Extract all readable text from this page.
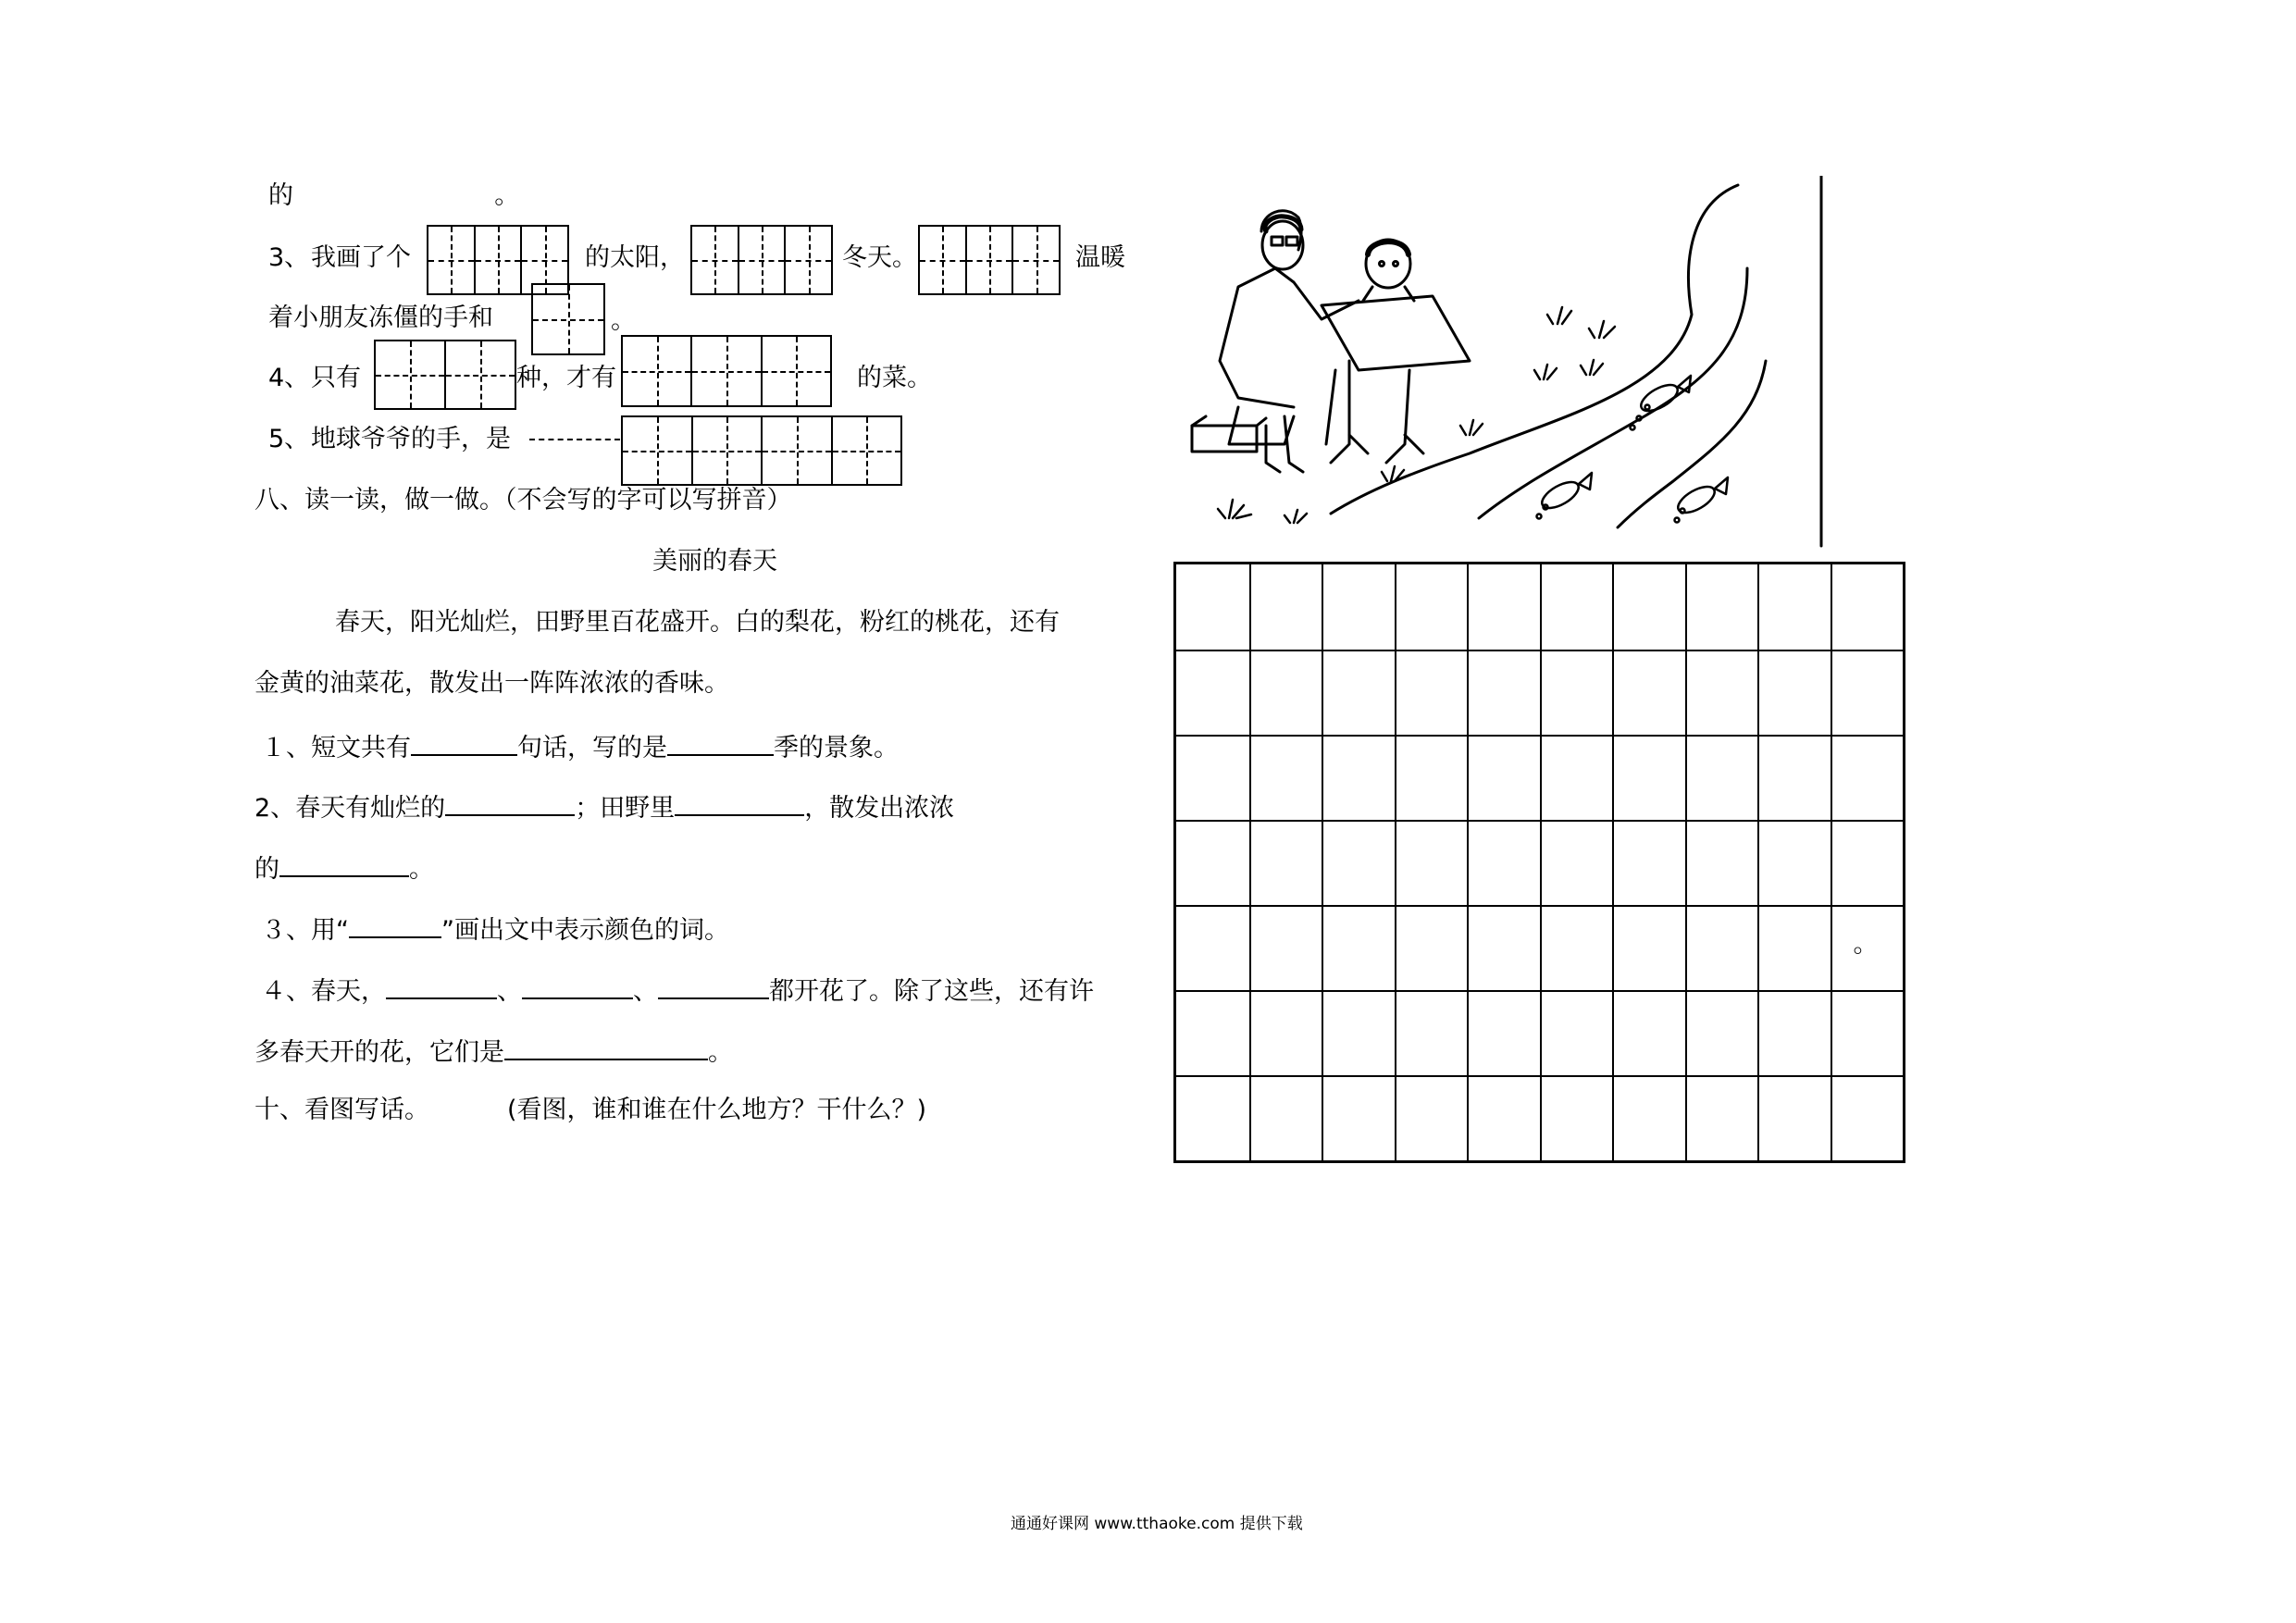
的	。
3、 我画了个	的太阳，	冬天。	温暖
着小朋友冻僵的手和	。
4、 只有	种，才有	的菜。
5、 地球爷爷的手，是
八、读一读，做一做。（不会写的字可以写拼音）
美丽的春天
春天，阳光灿烂，田野里百花盛开。白的梨花，粉红的桃花，还有
金黄的油菜花，散发出一阵阵浓浓的香味。
１、短文共有	句话，写的是	季的景象。
2、春天有灿烂的	；田野里	，散发出浓浓
的	。
３、用“	”画出文中表示颜色的词。
４、春天，	、	、	都开花了。除了这些，还有许
多春天开的花，它们是	。
十、看图写话。	(看图，谁和谁在什么地方？干什么？)
。
通通好课网 www.tthaoke.com 提供下载
